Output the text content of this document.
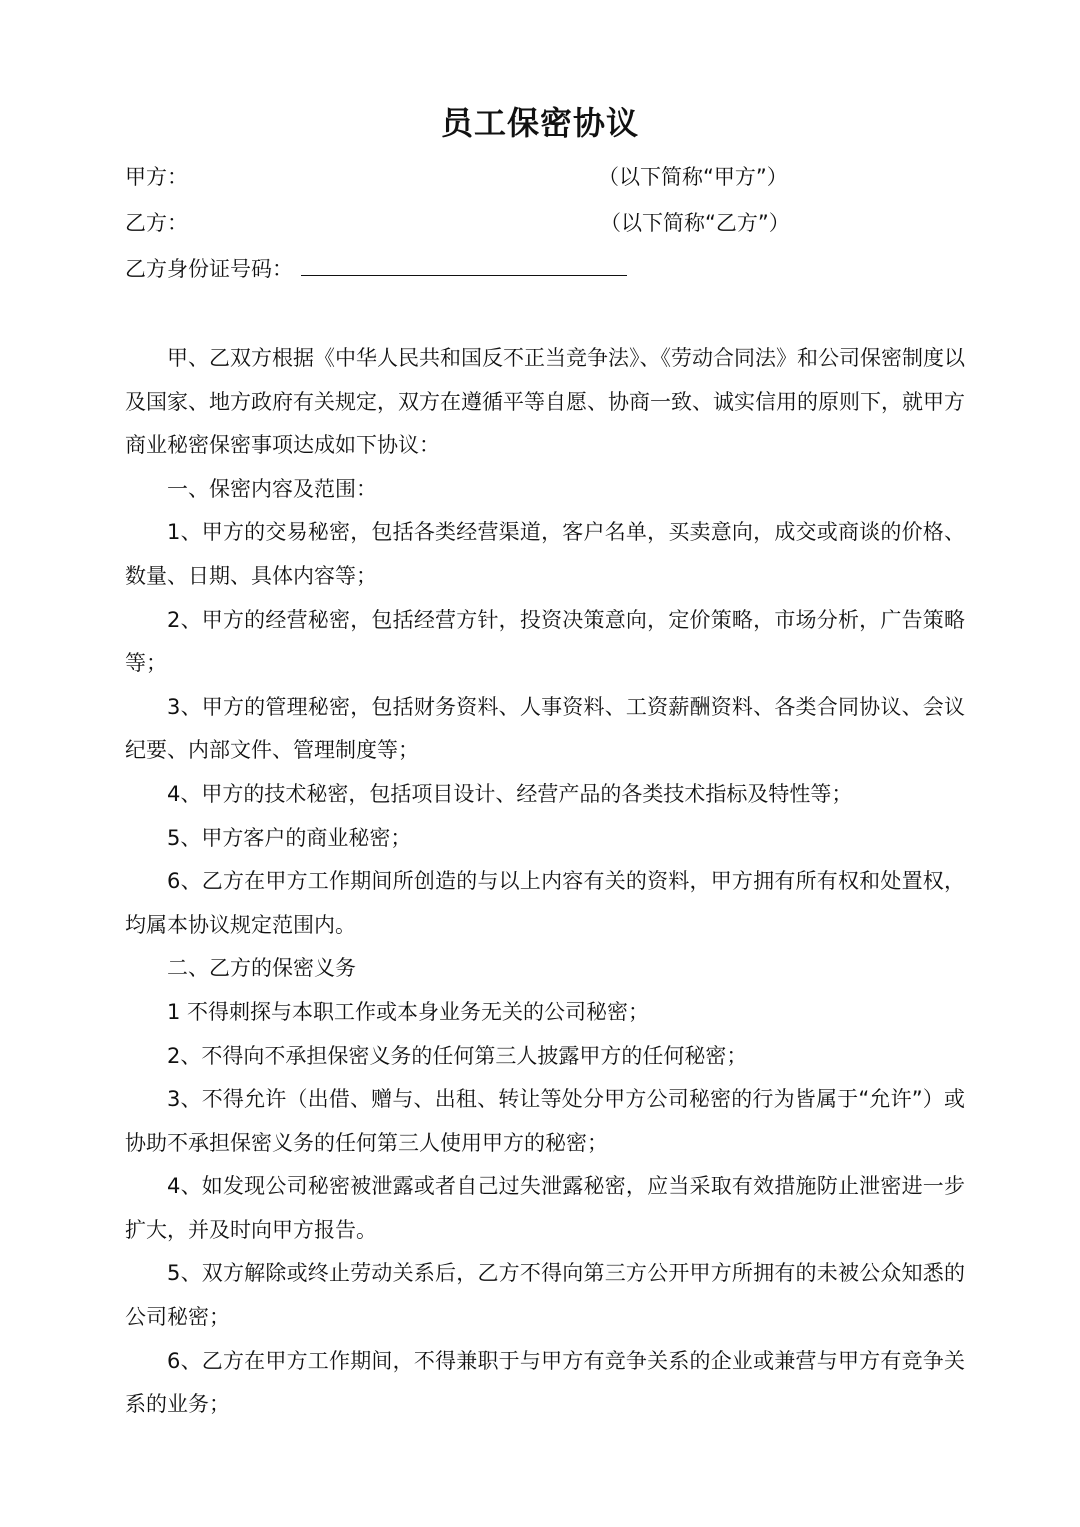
员工保密协议
甲方：	（以下简称“甲方”）
乙方：	（以下简称“乙方”）
乙方身份证号码：

甲、乙双方根据《中华人民共和国反不正当竞争法》、《劳动合同法》和公司保密制度以及国家、地方政府有关规定，双方在遵循平等自愿、协商一致、诚实信用的原则下，就甲方商业秘密保密事项达成如下协议：

一、保密内容及范围：

1、甲方的交易秘密，包括各类经营渠道，客户名单，买卖意向，成交或商谈的价格、数量、日期、具体内容等；

2、甲方的经营秘密，包括经营方针，投资决策意向，定价策略，市场分析，广告策略等；

3、甲方的管理秘密，包括财务资料、人事资料、工资薪酬资料、各类合同协议、会议纪要、内部文件、管理制度等；

4、甲方的技术秘密，包括项目设计、经营产品的各类技术指标及特性等；

5、甲方客户的商业秘密；

6、乙方在甲方工作期间所创造的与以上内容有关的资料，甲方拥有所有权和处置权，均属本协议规定范围内。

二、乙方的保密义务

1 不得刺探与本职工作或本身业务无关的公司秘密；

2、不得向不承担保密义务的任何第三人披露甲方的任何秘密；

3、不得允许（出借、赠与、出租、转让等处分甲方公司秘密的行为皆属于“允许”）或协助不承担保密义务的任何第三人使用甲方的秘密；

4、如发现公司秘密被泄露或者自己过失泄露秘密，应当采取有效措施防止泄密进一步扩大，并及时向甲方报告。

5、双方解除或终止劳动关系后，乙方不得向第三方公开甲方所拥有的未被公众知悉的公司秘密；

6、乙方在甲方工作期间，不得兼职于与甲方有竞争关系的企业或兼营与甲方有竞争关系的业务；
